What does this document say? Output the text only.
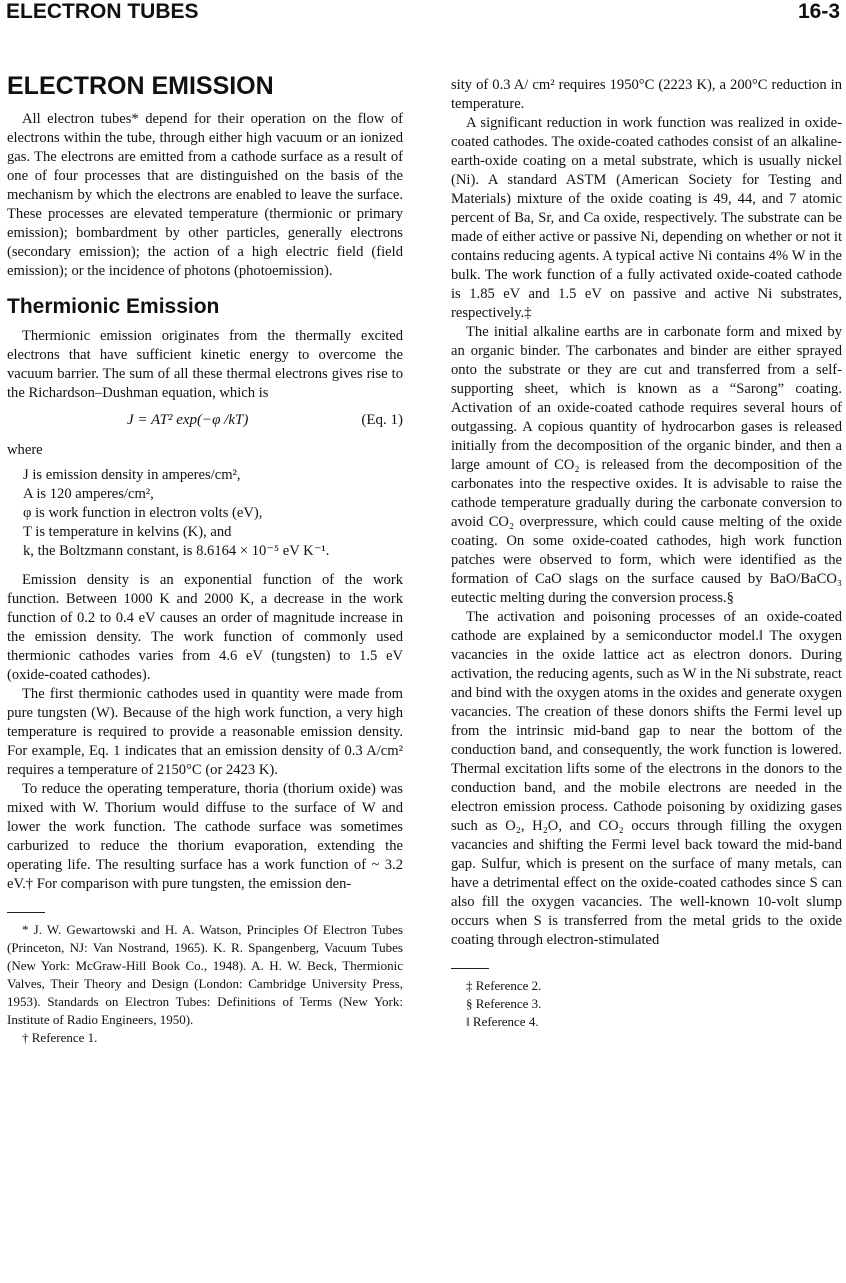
ELECTRON TUBES	16-3
ELECTRON EMISSION

All electron tubes* depend for their operation on the flow of electrons within the tube, through either high vacuum or an ionized gas. The electrons are emitted from a cathode surface as a result of one of four processes that are distinguished on the basis of the mechanism by which the electrons are enabled to leave the surface. These processes are elevated temperature (thermionic or primary emission); bombardment by other particles, generally electrons (secondary emission); the action of a high electric field (field emission); or the incidence of photons (photoemission).

Thermionic Emission

Thermionic emission originates from the thermally excited electrons that have sufficient kinetic energy to overcome the vacuum barrier. The sum of all these thermal electrons gives rise to the Richardson–Dushman equation, which is

J = AT² exp(−φ /kT)	(Eq. 1)

where

J is emission density in amperes/cm²,
A is 120 amperes/cm²,
φ is work function in electron volts (eV),
T is temperature in kelvins (K), and
k, the Boltzmann constant, is 8.6164 × 10⁻⁵ eV K⁻¹.

Emission density is an exponential function of the work function. Between 1000 K and 2000 K, a decrease in the work function of 0.2 to 0.4 eV causes an order of magnitude increase in the emission density. The work function of commonly used thermionic cathodes varies from 4.6 eV (tungsten) to 1.5 eV (oxide-coated cathodes).

The first thermionic cathodes used in quantity were made from pure tungsten (W). Because of the high work function, a very high temperature is required to provide a reasonable emission density. For example, Eq. 1 indicates that an emission density of 0.3 A/cm² requires a temperature of 2150°C (or 2423 K).

To reduce the operating temperature, thoria (thorium oxide) was mixed with W. Thorium would diffuse to the surface of W and lower the work function. The cathode surface was sometimes carburized to reduce the thorium evaporation, extending the operating life. The resulting surface has a work function of ~ 3.2 eV.† For comparison with pure tungsten, the emission den-

* J. W. Gewartowski and H. A. Watson, Principles Of Electron Tubes (Princeton, NJ: Van Nostrand, 1965). K. R. Spangenberg, Vacuum Tubes (New York: McGraw-Hill Book Co., 1948). A. H. W. Beck, Thermionic Valves, Their Theory and Design (London: Cambridge University Press, 1953). Standards on Electron Tubes: Definitions of Terms (New York: Institute of Radio Engineers, 1950).

† Reference 1.

sity of 0.3 A/ cm² requires 1950°C (2223 K), a 200°C reduction in temperature.

A significant reduction in work function was realized in oxide-coated cathodes. The oxide-coated cathodes consist of an alkaline-earth-oxide coating on a metal substrate, which is usually nickel (Ni). A standard ASTM (American Society for Testing and Materials) mixture of the oxide coating is 49, 44, and 7 atomic percent of Ba, Sr, and Ca oxide, respectively. The substrate can be made of either active or passive Ni, depending on whether or not it contains reducing agents. A typical active Ni contains 4% W in the bulk. The work function of a fully activated oxide-coated cathode is 1.85 eV and 1.5 eV on passive and active Ni substrates, respectively.‡

The initial alkaline earths are in carbonate form and mixed by an organic binder. The carbonates and binder are either sprayed onto the substrate or they are cut and transferred from a self-supporting sheet, which is known as a “Sarong” coating. Activation of an oxide-coated cathode requires several hours of outgassing. A copious quantity of hydrocarbon gases is released initially from the decomposition of the organic binder, and then a large amount of CO₂ is released from the decomposition of the carbonates into the respective oxides. It is advisable to raise the cathode temperature gradually during the carbonate conversion to avoid CO₂ overpressure, which could cause melting of the oxide coating. On some oxide-coated cathodes, high work function patches were observed to form, which were identified as the formation of CaO slags on the surface caused by BaO/BaCO₃ eutectic melting during the conversion process.§

The activation and poisoning processes of an oxide-coated cathode are explained by a semiconductor model.ǁ The oxygen vacancies in the oxide lattice act as electron donors. During activation, the reducing agents, such as W in the Ni substrate, react and bind with the oxygen atoms in the oxides and generate oxygen vacancies. The creation of these donors shifts the Fermi level up from the intrinsic mid-band gap to near the bottom of the conduction band, and consequently, the work function is lowered. Thermal excitation lifts some of the electrons in the donors to the conduction band, and the mobile electrons are needed in the electron emission process. Cathode poisoning by oxidizing gases such as O₂, H₂O, and CO₂ occurs through filling the oxygen vacancies and shifting the Fermi level back toward the mid-band gap. Sulfur, which is present on the surface of many metals, can have a detrimental effect on the oxide-coated cathodes since S can also fill the oxygen vacancies. The well-known 10-volt slump occurs when S is transferred from the metal grids to the oxide coating through electron-stimulated

‡ Reference 2.

§ Reference 3.

ǁ Reference 4.
